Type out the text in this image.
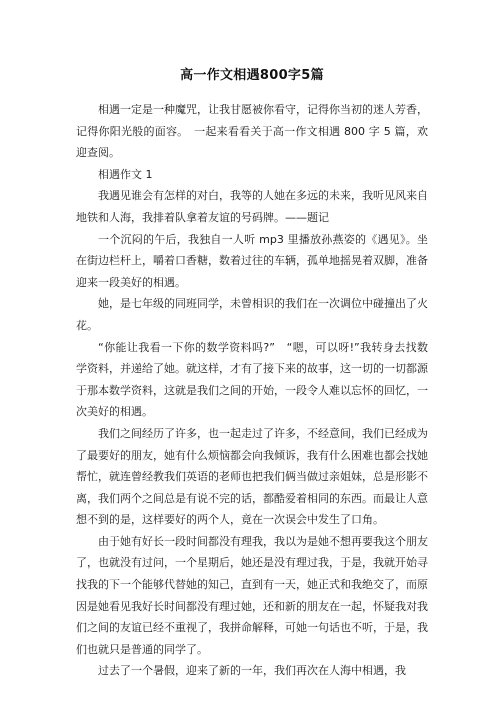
高一作文相遇800字5篇

相遇一定是一种魔咒，让我甘愿被你看守，记得你当初的迷人芳香，记得你阳光般的面容。　一起来看看关于高一作文相遇 800 字 5 篇，欢迎查阅。

相遇作文 1

我遇见谁会有怎样的对白，我等的人她在多远的未来，我听见风来自地铁和人海，我排着队拿着友谊的号码牌。——题记

一个沉闷的午后，我独自一人听 mp3 里播放孙燕姿的《遇见》。坐在街边栏杆上，嚼着口香糖，数着过往的车辆，孤单地摇晃着双脚，准备迎来一段美好的相遇。

她，是七年级的同班同学，未曾相识的我们在一次调位中碰撞出了火花。

“你能让我看一下你的数学资料吗?”　“嗯，可以呀!”我转身去找数学资料，并递给了她。就这样，才有了接下来的故事，这一切的一切都源于那本数学资料，这就是我们之间的开始，一段令人难以忘怀的回忆，一次美好的相遇。

我们之间经历了许多，也一起走过了许多，不经意间，我们已经成为了最要好的朋友，她有什么烦恼都会向我倾诉，我有什么困难也都会找她帮忙，就连曾经教我们英语的老师也把我们俩当做过亲姐妹，总是形影不离，我们两个之间总是有说不完的话，都酷爱着相同的东西。而最让人意想不到的是，这样要好的两个人，竟在一次误会中发生了口角。

由于她有好长一段时间都没有理我，我以为是她不想再要我这个朋友了，也就没有过问，一个星期后，她还是没有理过我，于是，我就开始寻找我的下一个能够代替她的知己，直到有一天，她正式和我绝交了，而原因是她看见我好长时间都没有理过她，还和新的朋友在一起，怀疑我对我们之间的友谊已经不重视了，我拼命解释，可她一句话也不听，于是，我们也就只是普通的同学了。

过去了一个暑假，迎来了新的一年，我们再次在人海中相遇，我
